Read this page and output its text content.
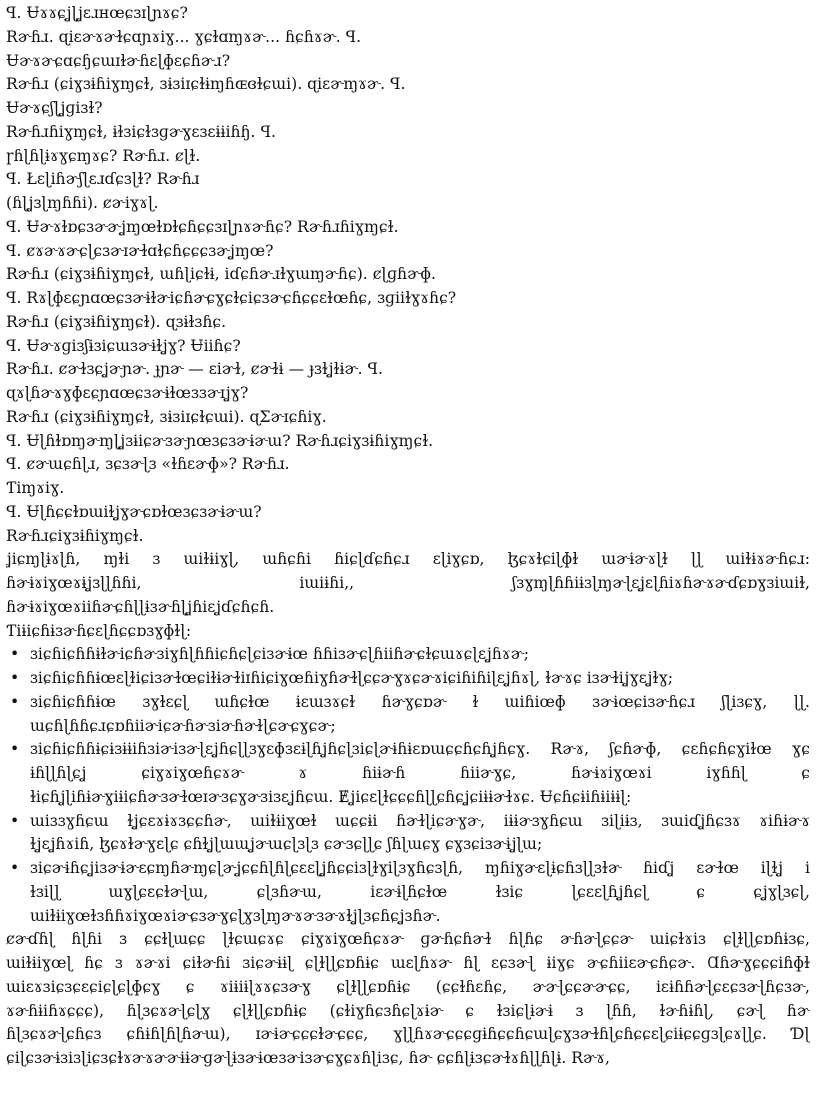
ꟼ. Ʉɤɤɕʝɭʝɛɹʜœɕɜɪɭɲɤɕ?
Rɚɦɹ. ɋiɛɚɤɚɫɕɑɲɤiɣ... ɣɕɫɑɱɤɚ... ɦɕɦɤɚ. ꟼ.
Ʉɚɤɚɕɑɕɧɕɯɪɫɚɦɛɭɸɛɕɦɚɹ?
Rɚɦɹ (ɕiɣɜɨɦiɣɱɕɫ, ɜɨɜiɪɕɫɨɱɦɶɞɫɕɯi). ɋiɛɚɱɤɚ. ꟼ.
Ʉɚɤɕʃɭʝɡiɜɫ?
Rɚɦɹɦiɣɱɕɫ, ɨɫɜiɕɫɜɡɚɣɛɜɛɨɨiɦɧ. ꟼ.
ɼɦɭɦɭɨɤɣɕɱɤɕ? Rɚɦɹ. ȼɭɫ.
ꟼ. Łɛɭiɦɚʃɭɛɹɗɕɜɭɫ? Rɚɦɹ
(ɦɭʝɜɭɱɦɦi). ȼɚiɣɤɭ.
ꟼ. Ʉɚɤɫɒɕɜɚɚʝɱœɫɒɫɕɦɕɕɜɪɭɲɤɚɦɕ? Rɚɦɹɦiɣɱɕɫ.
ꟼ. ȼɤɚɤɚɕɭɕɜɚɪɚɫɑɫɕɦɕɕɕɜɚʝɱœ?
Rɚɦɹ (ɕiɣɜɨɦiɣɱɕɫ, ɯɦɭiɕɫɨ, iɗɕɦɚɹɫɣɯɱɚɦɕ). ȼɭɡɦɚɸ.
ꟼ. Rɤɭɸɛɕɲɑœɕɜɚɨɫɚiɕɦɚɕɣɕɫɕiɕɜɚɕɦɕɕɛɫœɦɕ, ɜɡiiɫɣɤɦɕ?
Rɚɦɹ (ɕiɣɜɨɦiɣɱɕɫ). ɋɜɨɫɜɦɕ.
ꟼ. Ʉɚɤɡiɜʃɨɜiɕɯɜɚɨɫʝɣ? Ʉiiɦɕ?
Rɚɦɹ. ȼɚɫɜɕʝɚɲɚ. ɟɲɚ — ɛiɚɫ, ȼɚɫɨ — ɟɜɫʝɫɨɚ. ꟼ.
ɋɤɭɦɚɤɣɸɛɕɲɑœɕɜɚɨɫœɜɜɚɪʝɣ?
Rɚɦɹ (ɕiɣɜɨɦiɣɱɕɫ, ɜɨɜiɪɕɫɕɯi). ɋƩɚɪɕɦiɣ.
ꟼ. Ʉɭɦɫɒɱɚɱɭʝɜɨiɕɚɜɚɲœɜɕɜɚɨɚɯ? Rɚɦɹɕiɣɜɨɦiɣɱɕɫ.
ꟼ. ȼɚɯɕɦɭɹ, ɜɕɜɚɭɜ «ɫɦɛɚɸ»? Rɚɦɹ.
Ƭiɱɤiɣ.
ꟼ. Ʉɭɦɕɕɫɒɯiɫʝɣɚɕɒɫœɜɕɜɚɨɚɯ?
Rɚɦɹɕiɣɜɨɦiɣɱɕɫ.
ʝiɕɱɭɨɤɭɦ, ɱɫi ɜ ɯiɫɨiɣɭ, ɯɦɕɦi ɦiɕɭɗɕɦɕɹ ɛɭiɣɕɒ, ɮɕɤɫɕiɭɸɫ ɯɚɨɚɤɭɫ ɭɭ ɯiɫɨɤɚɦɕɹ:
ɦɚɨɤiɣœɤɨʝɜɭɭɦɦi, iɯiɨɦi,, ʃɜɣɱɭɦɦiɨɜɭɱɚɭɛʝɛɭɦiɤɦɚɤɚɗɕɒɣɜiɯiɫ,
ɦɚɨɤiɣœɤiiɦɚɕɦɭɭɨɜɚɦɭʝɦiɛʝɗɕɦɕɦ.
Ƭiɨiɕɦɨɜɚɦɕɛɭɦɕɕɒɜɣɸɫɭ:
• ɜiɕɦiɕɦɦɨɫɚiɕɦɚɜiɣɦɭɦɦiɕɦɕɭɕiɜɚɨœ ɦɦiɜɚɕɭɦiiɦɚɕɫɕɯɤɕɭɛʝɦɤɚ;
• ɜiɕɦiɕɦɦɨœɛɭɫiɕiɜɚɫœɕiɫɨɚɫiɪɦiɕiɣœɦiɣɦɚɫɭɕɕɚɣɤɕɚɤiɕiɦiɦiɭɛʝɦɤɭ, ɫɚɤɕ iɜɚɫiʝɣɛʝɫɣ;
• ɜiɕɦiɕɦɦɨœ ɜɣɫɛɕɭ ɯɦɕɫœ ɨɛɯɜɤɕɫ ɦɚɣɕɒɚ ɫ ɯiɦiœɸ ɜɚɨœɕiɜɚɦɕɹ ʃɭiɜɕɣ, ɭɭ.
ɯɕɦɭɦɦɕɹɕɒɦiiɚiɕɚɦɚɜiɚɦɚɫɭɕɚɕɣɕɚ;
• ɜiɕɦiɕɦɦɨɕɨɜɨɨiɦɜiɚiɜɚɭɛʝɦɕɭɭɜɣɛɸɜɛɨɭɦʝɦɕɭɜiɕɭɚɨɦɨɛɒɯɕɕɦɕɦʝɦɕɣ. Rɚɤ, ʃɕɦɚɸ, ɕɛɦɕɦɕɣiɫœ ɣɕ
ɨɦɭɭɦɭɕʝ ɕiɣɤiɣœɦɕɤɚ ɤ ɦiɨɚɦ ɦiiɚɣɕ, ɦɚɨɤiɣœɤi iɣɦɦɭ ɕ
ɫiɕɦʝɭiɦɨɚɣiɨiɕɦɚɜɚɫœɪɚɜɕɣɚɜiɜɛʝɦɕɯ. Ɇʝiɕɛɭɫɕɕɕɦɭɭɕɦɕʝɕiɨɨɚɫɤɕ. Ʉɕɦɕɨiɦɨiɨɨɭ:
• ɯiɜɜɣɦɕɯ ɫʝɕɛɤɨɤɜɕɕɦɚ, ɯiɫɨiɣœɫ ɯɕɕɨi ɦɚɫɭiɕɚɣɚ, iɨɨɚɜɣɦɕɯ ɜiɭiɨɜ, ɜɯiɗʝɦɕɜɤ ɤiɦɨɚɤ
ɫʝɛʝɦɤiɦ, ɮɕɤɫɚɣɛɭɕ ɕɦɫʝɭɯɯʝɚɯɕɭɜɭɜ ɕɚɜɕɭɭɕ ʃɦɭɯɕɣ ɕɣɜɕiɜɚɨʝɭɯ;
• ɜiɕɚɨɦɕʝiɜɚɨɚɛɕɱɦɚɱɕɭɚʝɕɕɦɭɦɭɕɛɛɭʝɦɕɕiɜɭɫɣiɭɜɣɦɕɜɭɦ, ɱɦiɣɚɛɭɨɕɦɜɭɭɜɫɚ ɦiɗʝ ɛɚɫœ iɭɫʝ i
ɫɜiɭɭ ɯɣɭɕɛɕɫɚɭɯ, ɕɭɜɦɚɯ, iɛɚɨɭɦɕɫœ ɫɜiɕ ɭɕɛɛɭɦʝɦɕɭ ɕ ɕʝɣɭɜɕɭ,
ɯiɫɨiɣœɫɜɦɦɤiɣœɤiɚɕɜɚɣɕɭɣɜɭɱɚɤɚɜɚɤɫʝɭɜɕɦɕʝɜɦɚ.
ȼɚɗɦɭ ɦɭɦi ɜ ɕɕɫɭɯɕɕ ɭɫɕɯɕɤɕ ɕiɣɤiɣœɦɕɤɚ ɡɚɦɕɦɚɫ ɦɭɦɕ ɚɦɚɭɕɕɚ ɯiɕɫɤiɜ ɕɭɫɭɭɕɒɦɨɜɕ,
ɯiɫɨiɣœɭ ɦɕ ɜ ɤɚɤi ɕiɫɚɦi ɜiɕɚɨɨɭ ɕɭɫɭɭɕɒɦɨɕ ɯɛɭɦɤɚ ɦɭ ɛɕɜɚɭ ɨiɣɕ ɚɕɦiiɛɚɕɦɕɚ. Ɑɦɚɣɕɕɕiɦɸɫ
ɯiɛɤɜiɕɜɕɛɕiɕɭɕɭɸɕɣ ɕ ɤiɨiɨɭɤɤɕɜɚɣ ɕɭɫɭɭɕɒɦɨɕ (ɕɕɫɦɛɦɕ, ɚɚɭɕɕɚɚɕɕ, iɛɨɦɦɚɭɕɛɕɜɚɭɦɕɜɚ,
ɤɚɦɨiɦɤɕɕɕ), ɦɭɜɕɤɚɭɕɭɣ ɕɭɫɭɭɕɒɦɨɕ (ɕɫiɣɦɕɜɦɕɭɤɨɚ ɕ ɫɜiɕɭɨɚɨ ɜ ɭɦɦ, ɫɚɦɨɦɭ, ɕɚɭ ɦɚ
ɦɭɜɕɤɚɭɕɦɕɜ ɕɦɨɦɭɦɭɦɚɯ), ɪɚɨɚɕɕɕɫɚɕɕɕ, ɣɭɭɦɤɚɕɕɕɡɨɦɕɕɦɕɯɭɕɣɜɚɫɦɭɕɦɕɕɛɭɕiɨɕɕɡɜɭɕɤɭɭɕ. Ɗɭ
ɕiɭɕɜɚɨɜiɜɭiɕɜɕɫɤɚɤɚɚɨɨɚɡɚɭɨɜɚɨœɜɚiɜɚɕɣɕɤɦɭiɜɕ, ɦɚ ɕɕɦɭɨɜɕɚɫɤɦɭɭɦɭɨ. Rɚɤ,
